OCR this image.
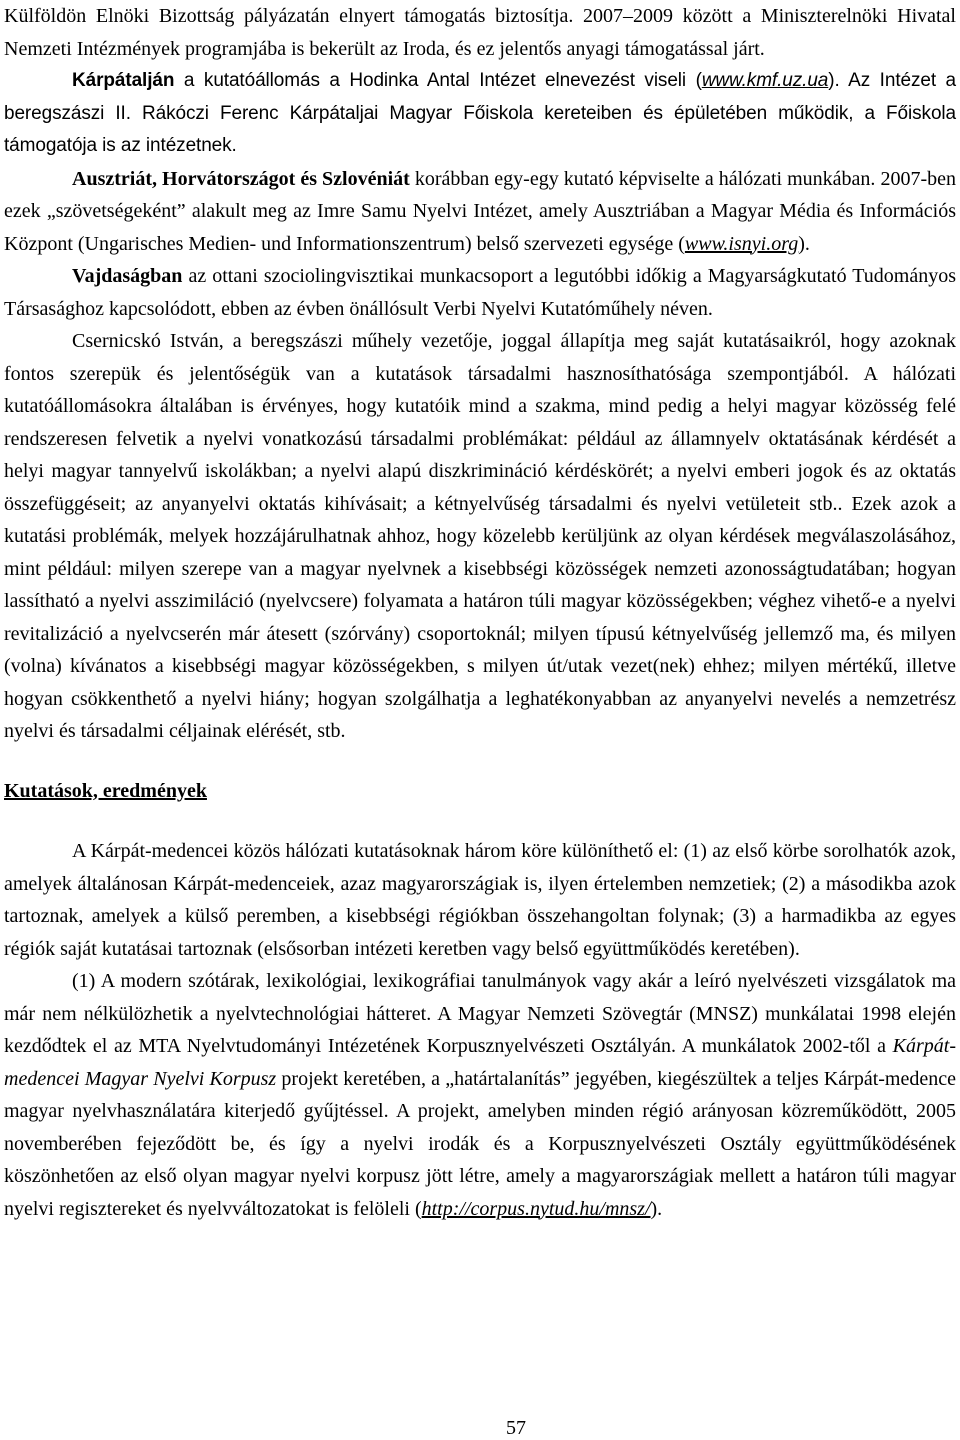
Külföldön Elnöki Bizottság pályázatán elnyert támogatás biztosítja. 2007–2009 között a Miniszterelnöki Hivatal Nemzeti Intézmények programjába is bekerült az Iroda, és ez jelentős anyagi támogatással járt.

Kárpátalján a kutatóállomás a Hodinka Antal Intézet elnevezést viseli (www.kmf.uz.ua). Az Intézet a beregszászi II. Rákóczi Ferenc Kárpátaljai Magyar Főiskola kereteiben és épületében működik, a Főiskola támogatója is az intézetnek.

Ausztriát, Horvátországot és Szlovéniát korábban egy-egy kutató képviselte a hálózati munkában. 2007-ben ezek „szövetségeként” alakult meg az Imre Samu Nyelvi Intézet, amely Ausztriában a Magyar Média és Információs Központ (Ungarisches Medien- und Informationszentrum) belső szervezeti egysége (www.isnyi.org).

Vajdaságban az ottani szociolingvisztikai munkacsoport a legutóbbi időkig a Magyarságkutató Tudományos Társasághoz kapcsolódott, ebben az évben önállósult Verbi Nyelvi Kutatóműhely néven.

Csernicskó István, a beregszászi műhely vezetője, joggal állapítja meg saját kutatásaikról, hogy azoknak fontos szerepük és jelentőségük van a kutatások társadalmi hasznosíthatósága szempontjából. A hálózati kutatóállomásokra általában is érvényes, hogy kutatóik mind a szakma, mind pedig a helyi magyar közösség felé rendszeresen felvetik a nyelvi vonatkozású társadalmi problémákat: például az államnyelv oktatásának kérdését a helyi magyar tannyelvű iskolákban; a nyelvi alapú diszkrimináció kérdéskörét; a nyelvi emberi jogok és az oktatás összefüggéseit; az anyanyelvi oktatás kihívásait; a kétnyelvűség társadalmi és nyelvi vetületeit stb.. Ezek azok a kutatási problémák, melyek hozzájárulhatnak ahhoz, hogy közelebb kerüljünk az olyan kérdések megválaszolásához, mint például: milyen szerepe van a magyar nyelvnek a kisebbségi közösségek nemzeti azonosságtudatában; hogyan lassítható a nyelvi asszimiláció (nyelvcsere) folyamata a határon túli magyar közösségekben; véghez vihető-e a nyelvi revitalizáció a nyelvcserén már átesett (szórvány) csoportoknál; milyen típusú kétnyelvűség jellemző ma, és milyen (volna) kívánatos a kisebbségi magyar közösségekben, s milyen út/utak vezet(nek) ehhez; milyen mértékű, illetve hogyan csökkenthető a nyelvi hiány; hogyan szolgálhatja a leghatékonyabban az anyanyelvi nevelés a nemzetrész nyelvi és társadalmi céljainak elérését, stb.

Kutatások, eredmények

A Kárpát-medencei közös hálózati kutatásoknak három köre különíthető el: (1) az első körbe sorolhatók azok, amelyek általánosan Kárpát-medenceiek, azaz magyarországiak is, ilyen értelemben nemzetiek; (2) a másodikba azok tartoznak, amelyek a külső peremben, a kisebbségi régiókban összehangoltan folynak; (3) a harmadikba az egyes régiók saját kutatásai tartoznak (elsősorban intézeti keretben vagy belső együttműködés keretében).

(1) A modern szótárak, lexikológiai, lexikográfiai tanulmányok vagy akár a leíró nyelvészeti vizsgálatok ma már nem nélkülözhetik a nyelvtechnológiai hátteret. A Magyar Nemzeti Szövegtár (MNSZ) munkálatai 1998 elején kezdődtek el az MTA Nyelvtudományi Intézetének Korpusznyelvészeti Osztályán. A munkálatok 2002-től a Kárpát-medencei Magyar Nyelvi Korpusz projekt keretében, a „határtalanítás” jegyében, kiegészültek a teljes Kárpát-medence magyar nyelvhasználatára kiterjedő gyűjtéssel. A projekt, amelyben minden régió arányosan közreműködött, 2005 novemberében fejeződött be, és így a nyelvi irodák és a Korpusznyelvészeti Osztály együttműködésének köszönhetően az első olyan magyar nyelvi korpusz jött létre, amely a magyarországiak mellett a határon túli magyar nyelvi regisztereket és nyelvváltozatokat is felöleli (http://corpus.nytud.hu/mnsz/).

57
